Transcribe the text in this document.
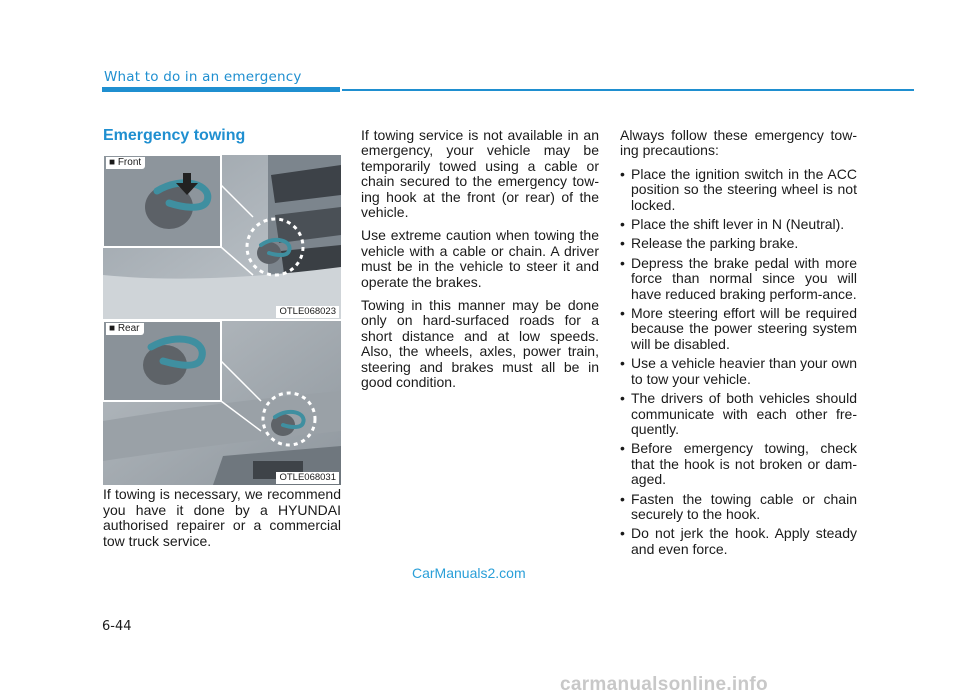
What to do in an emergency
Emergency towing
■ Front
OTLE068023
■ Rear
OTLE068031

If towing is necessary, we recommend you have it done by a HYUNDAI authorised repairer or a commercial tow truck service.

If towing service is not available in an emergency, your vehicle may be temporarily towed using a cable or chain secured to the emergency tow-ing hook at the front (or rear) of the vehicle.

Use extreme caution when towing the vehicle with a cable or chain. A driver must be in the vehicle to steer it and operate the brakes.

Towing in this manner may be done only on hard-surfaced roads for a short distance and at low speeds. Also, the wheels, axles, power train, steering and brakes must all be in good condition.

Always follow these emergency tow-ing precautions:

• Place the ignition switch in the ACC position so the steering wheel is not locked.
• Place the shift lever in N (Neutral).
• Release the parking brake.
• Depress the brake pedal with more force than normal since you will have reduced braking perform-ance.
• More steering effort will be required because the power steering system will be disabled.
• Use a vehicle heavier than your own to tow your vehicle.
• The drivers of both vehicles should communicate with each other fre-quently.
• Before emergency towing, check that the hook is not broken or dam-aged.
• Fasten the towing cable or chain securely to the hook.
• Do not jerk the hook. Apply steady and even force.
CarManuals2.com
6-44
carmanualsonline.info
